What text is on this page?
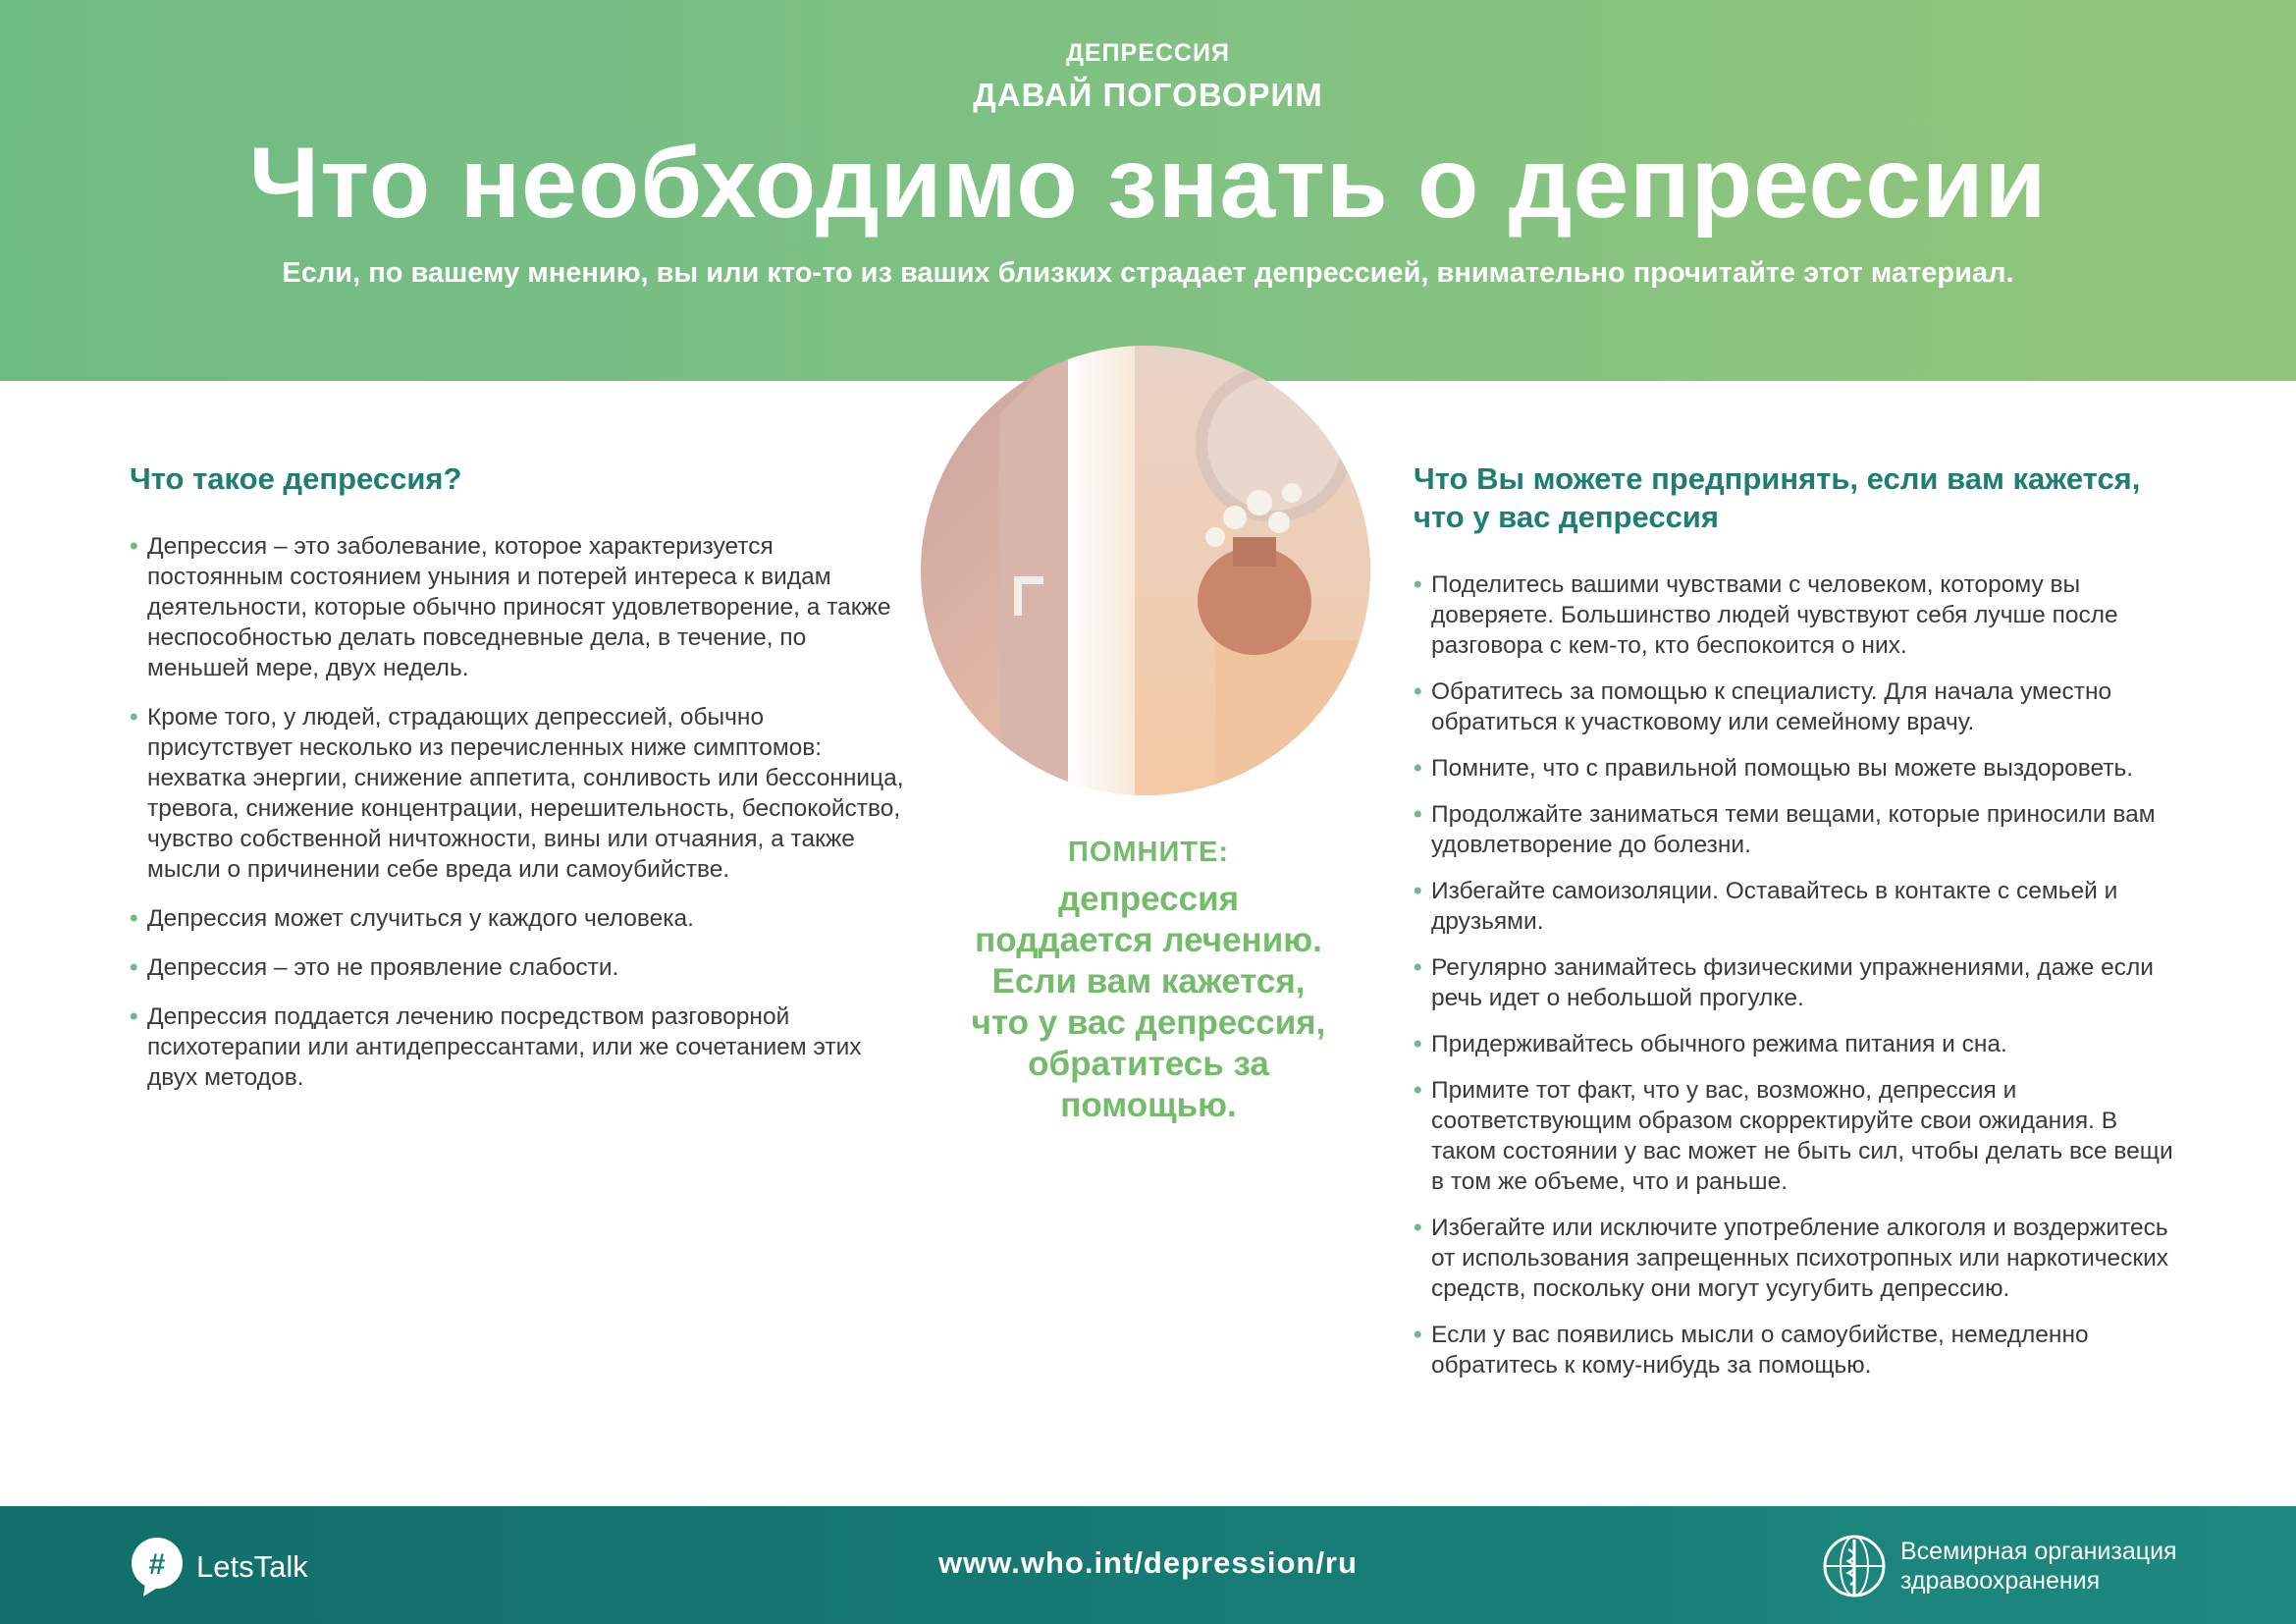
ДЕПРЕССИЯ
ДАВАЙ ПОГОВОРИМ
Что необходимо знать о депрессии

Если, по вашему мнению, вы или кто-то из ваших близких страдает депрессией, внимательно прочитайте этот материал.

Что такое депрессия?
• Депрессия – это заболевание, которое характеризуется постоянным состоянием уныния и потерей интереса к видам деятельности, которые обычно приносят удовлетворение, а также неспособностью делать повседневные дела, в течение, по меньшей мере, двух недель.
• Кроме того, у людей, страдающих депрессией, обычно присутствует несколько из перечисленных ниже симптомов: нехватка энергии, снижение аппетита, сонливость или бессонница, тревога, снижение концентрации, нерешительность, беспокойство, чувство собственной ничтожности, вины или отчаяния, а также мысли о причинении себе вреда или самоубийстве.
• Депрессия может случиться у каждого человека.
• Депрессия – это не проявление слабости.
• Депрессия поддается лечению посредством разговорной психотерапии или антидепрессантами, или же сочетанием этих двух методов.
ПОМНИТЕ:
депрессия поддается лечению. Если вам кажется, что у вас депрессия, обратитесь за помощью.
Что Вы можете предпринять, если вам кажется, что у вас депрессия
• Поделитесь вашими чувствами с человеком, которому вы доверяете. Большинство людей чувствуют себя лучше после разговора с кем-то, кто беспокоится о них.
• Обратитесь за помощью к специалисту. Для начала уместно обратиться к участковому или семейному врачу.
• Помните, что с правильной помощью вы можете выздороветь.
• Продолжайте заниматься теми вещами, которые приносили вам удовлетворение до болезни.
• Избегайте самоизоляции. Оставайтесь в контакте с семьей и друзьями.
• Регулярно занимайтесь физическими упражнениями, даже если речь идет о небольшой прогулке.
• Придерживайтесь обычного режима питания и сна.
• Примите тот факт, что у вас, возможно, депрессия и соответствующим образом скорректируйте свои ожидания. В таком состоянии у вас может не быть сил, чтобы делать все вещи в том же объеме, что и раньше.
• Избегайте или исключите употребление алкоголя и воздержитесь от использования запрещенных психотропных или наркотических средств, поскольку они могут усугубить депрессию.
• Если у вас появились мысли о самоубийстве, немедленно обратитесь к кому-нибудь за помощью.
# LetsTalk	www.who.int/depression/ru	Всемирная организация
здравоохранения
